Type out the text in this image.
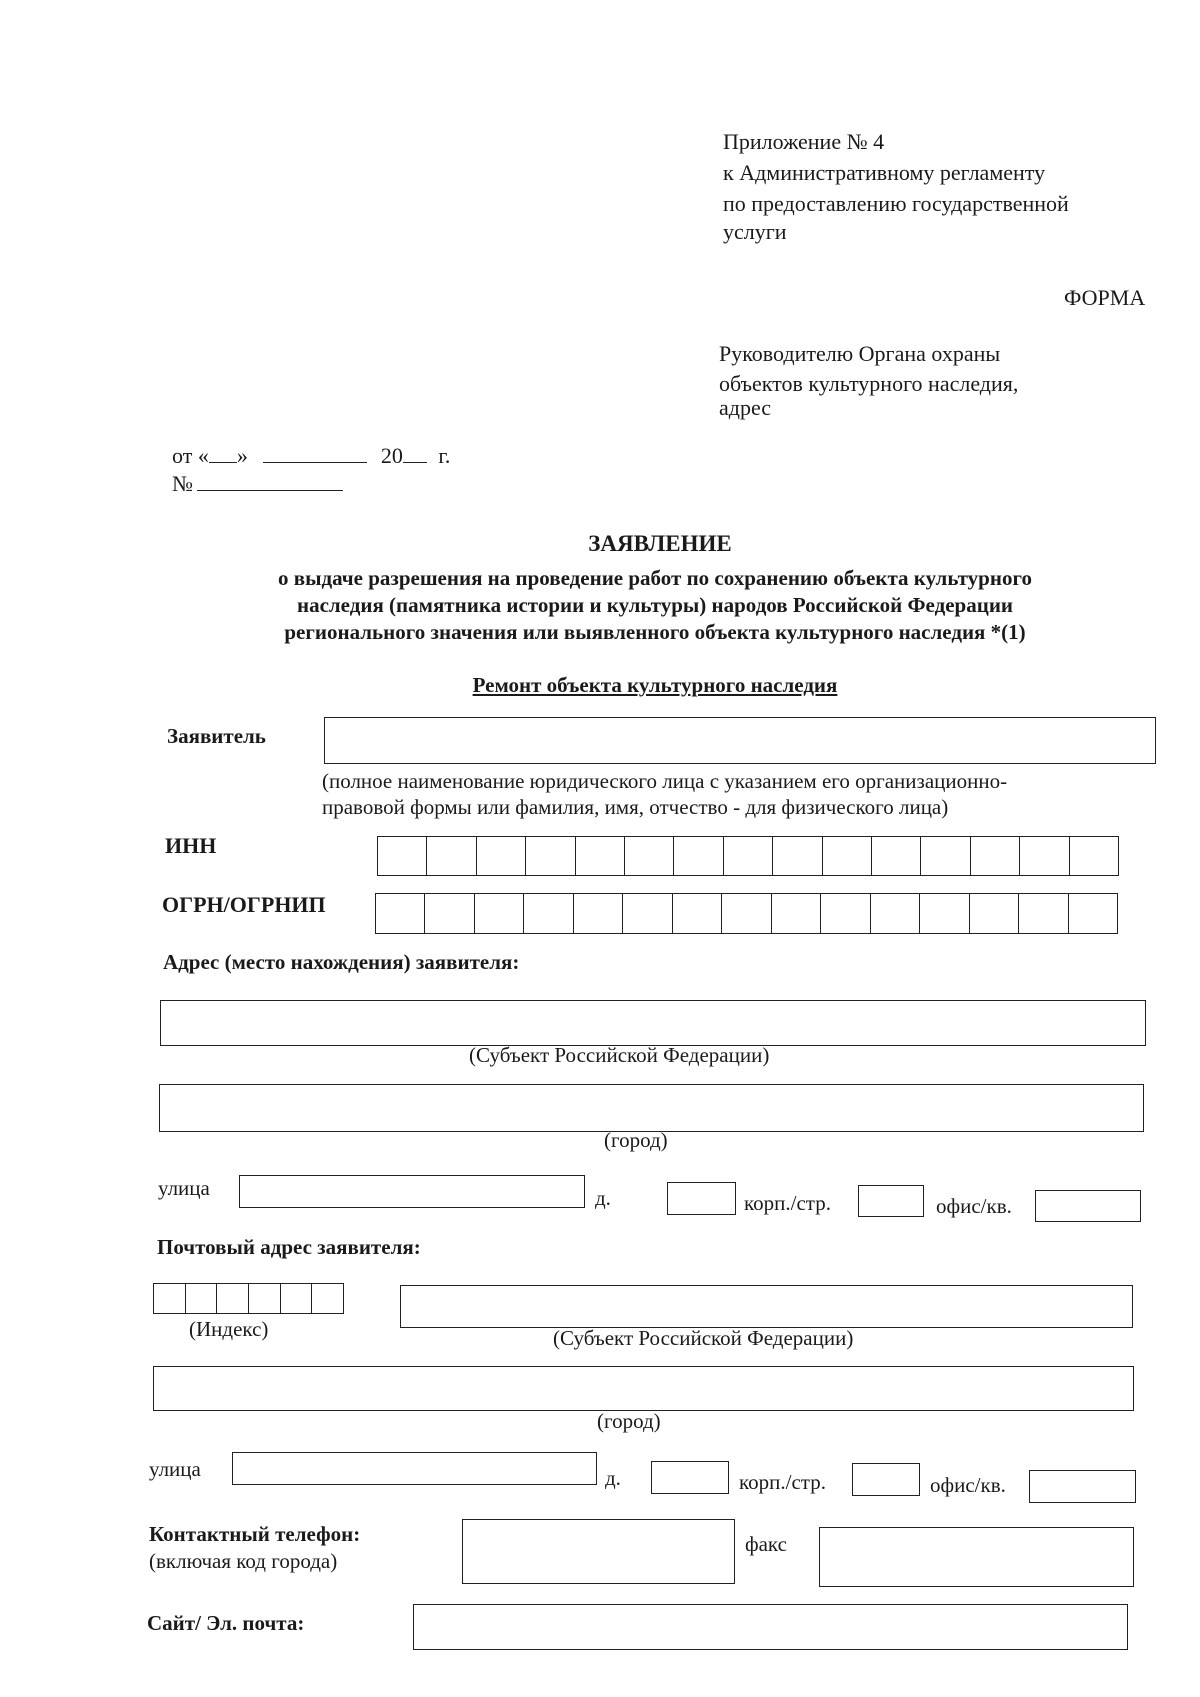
Приложение № 4
к Административному регламенту
по предоставлению государственной
услуги
ФОРМА
Руководителю Органа охраны
объектов культурного наследия,
адрес
от « »	20 г.
№
ЗАЯВЛЕНИЕ
о выдаче разрешения на проведение работ по сохранению объекта культурного
наследия (памятника истории и культуры) народов Российской Федерации
регионального значения или выявленного объекта культурного наследия *(1)
Ремонт объекта культурного наследия
Заявитель
(полное наименование юридического лица с указанием его организационно-
правовой формы или фамилия, имя, отчество - для физического лица)
ИНН
ОГРН/ОГРНИП
Адрес (место нахождения) заявителя:
(Субъект Российской Федерации)
(город)
улица	д.	корп./стр.	офис/кв.
Почтовый адрес заявителя:
(Индекс)	(Субъект Российской Федерации)
(город)
улица	д.	корп./стр.	офис/кв.
Контактный телефон:
(включая код города)
факс
Сайт/ Эл. почта:
